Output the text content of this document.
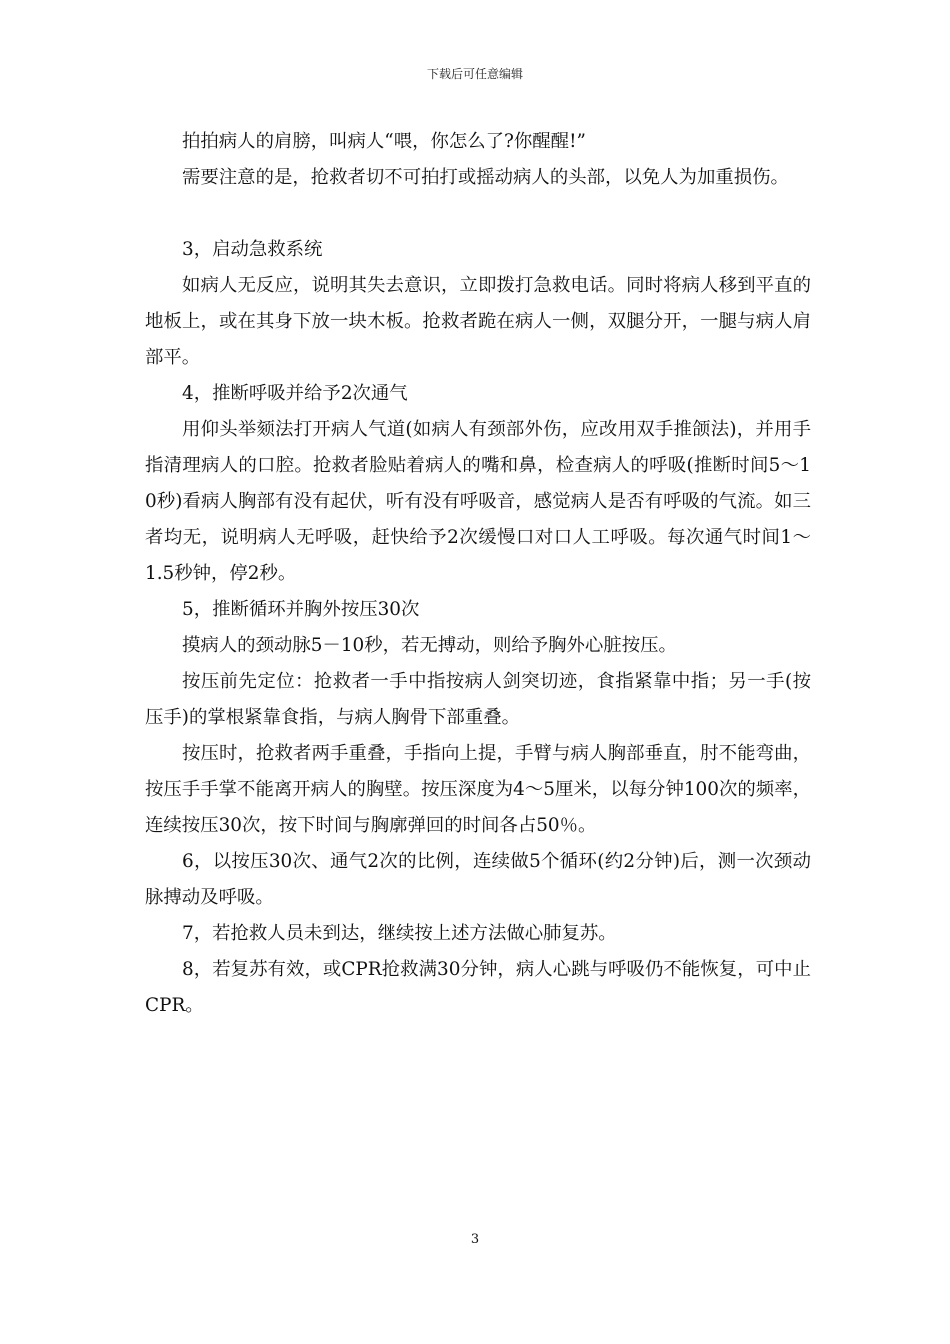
下载后可任意编辑

拍拍病人的肩膀，叫病人“喂，你怎么了?你醒醒!”

需要注意的是，抢救者切不可拍打或摇动病人的头部，以免人为加重损伤。

3，启动急救系统

如病人无反应，说明其失去意识，立即拨打急救电话。同时将病人移到平直的地板上，或在其身下放一块木板。抢救者跪在病人一侧，双腿分开，一腿与病人肩部平。

4，推断呼吸并给予2次通气

用仰头举颏法打开病人气道(如病人有颈部外伤，应改用双手推颌法)，并用手指清理病人的口腔。抢救者脸贴着病人的嘴和鼻，检查病人的呼吸(推断时间5～10秒)看病人胸部有没有起伏，听有没有呼吸音，感觉病人是否有呼吸的气流。如三者均无，说明病人无呼吸，赶快给予2次缓慢口对口人工呼吸。每次通气时间1～1.5秒钟，停2秒。

5，推断循环并胸外按压30次

摸病人的颈动脉5－10秒，若无搏动，则给予胸外心脏按压。

按压前先定位：抢救者一手中指按病人剑突切迹，食指紧靠中指；另一手(按压手)的掌根紧靠食指，与病人胸骨下部重叠。

按压时，抢救者两手重叠，手指向上提，手臂与病人胸部垂直，肘不能弯曲，按压手手掌不能离开病人的胸壁。按压深度为4～5厘米，以每分钟100次的频率，连续按压30次，按下时间与胸廓弹回的时间各占50％。

6，以按压30次、通气2次的比例，连续做5个循环(约2分钟)后，测一次颈动脉搏动及呼吸。

7，若抢救人员未到达，继续按上述方法做心肺复苏。

8，若复苏有效，或CPR抢救满30分钟，病人心跳与呼吸仍不能恢复，可中止CPR。

3
